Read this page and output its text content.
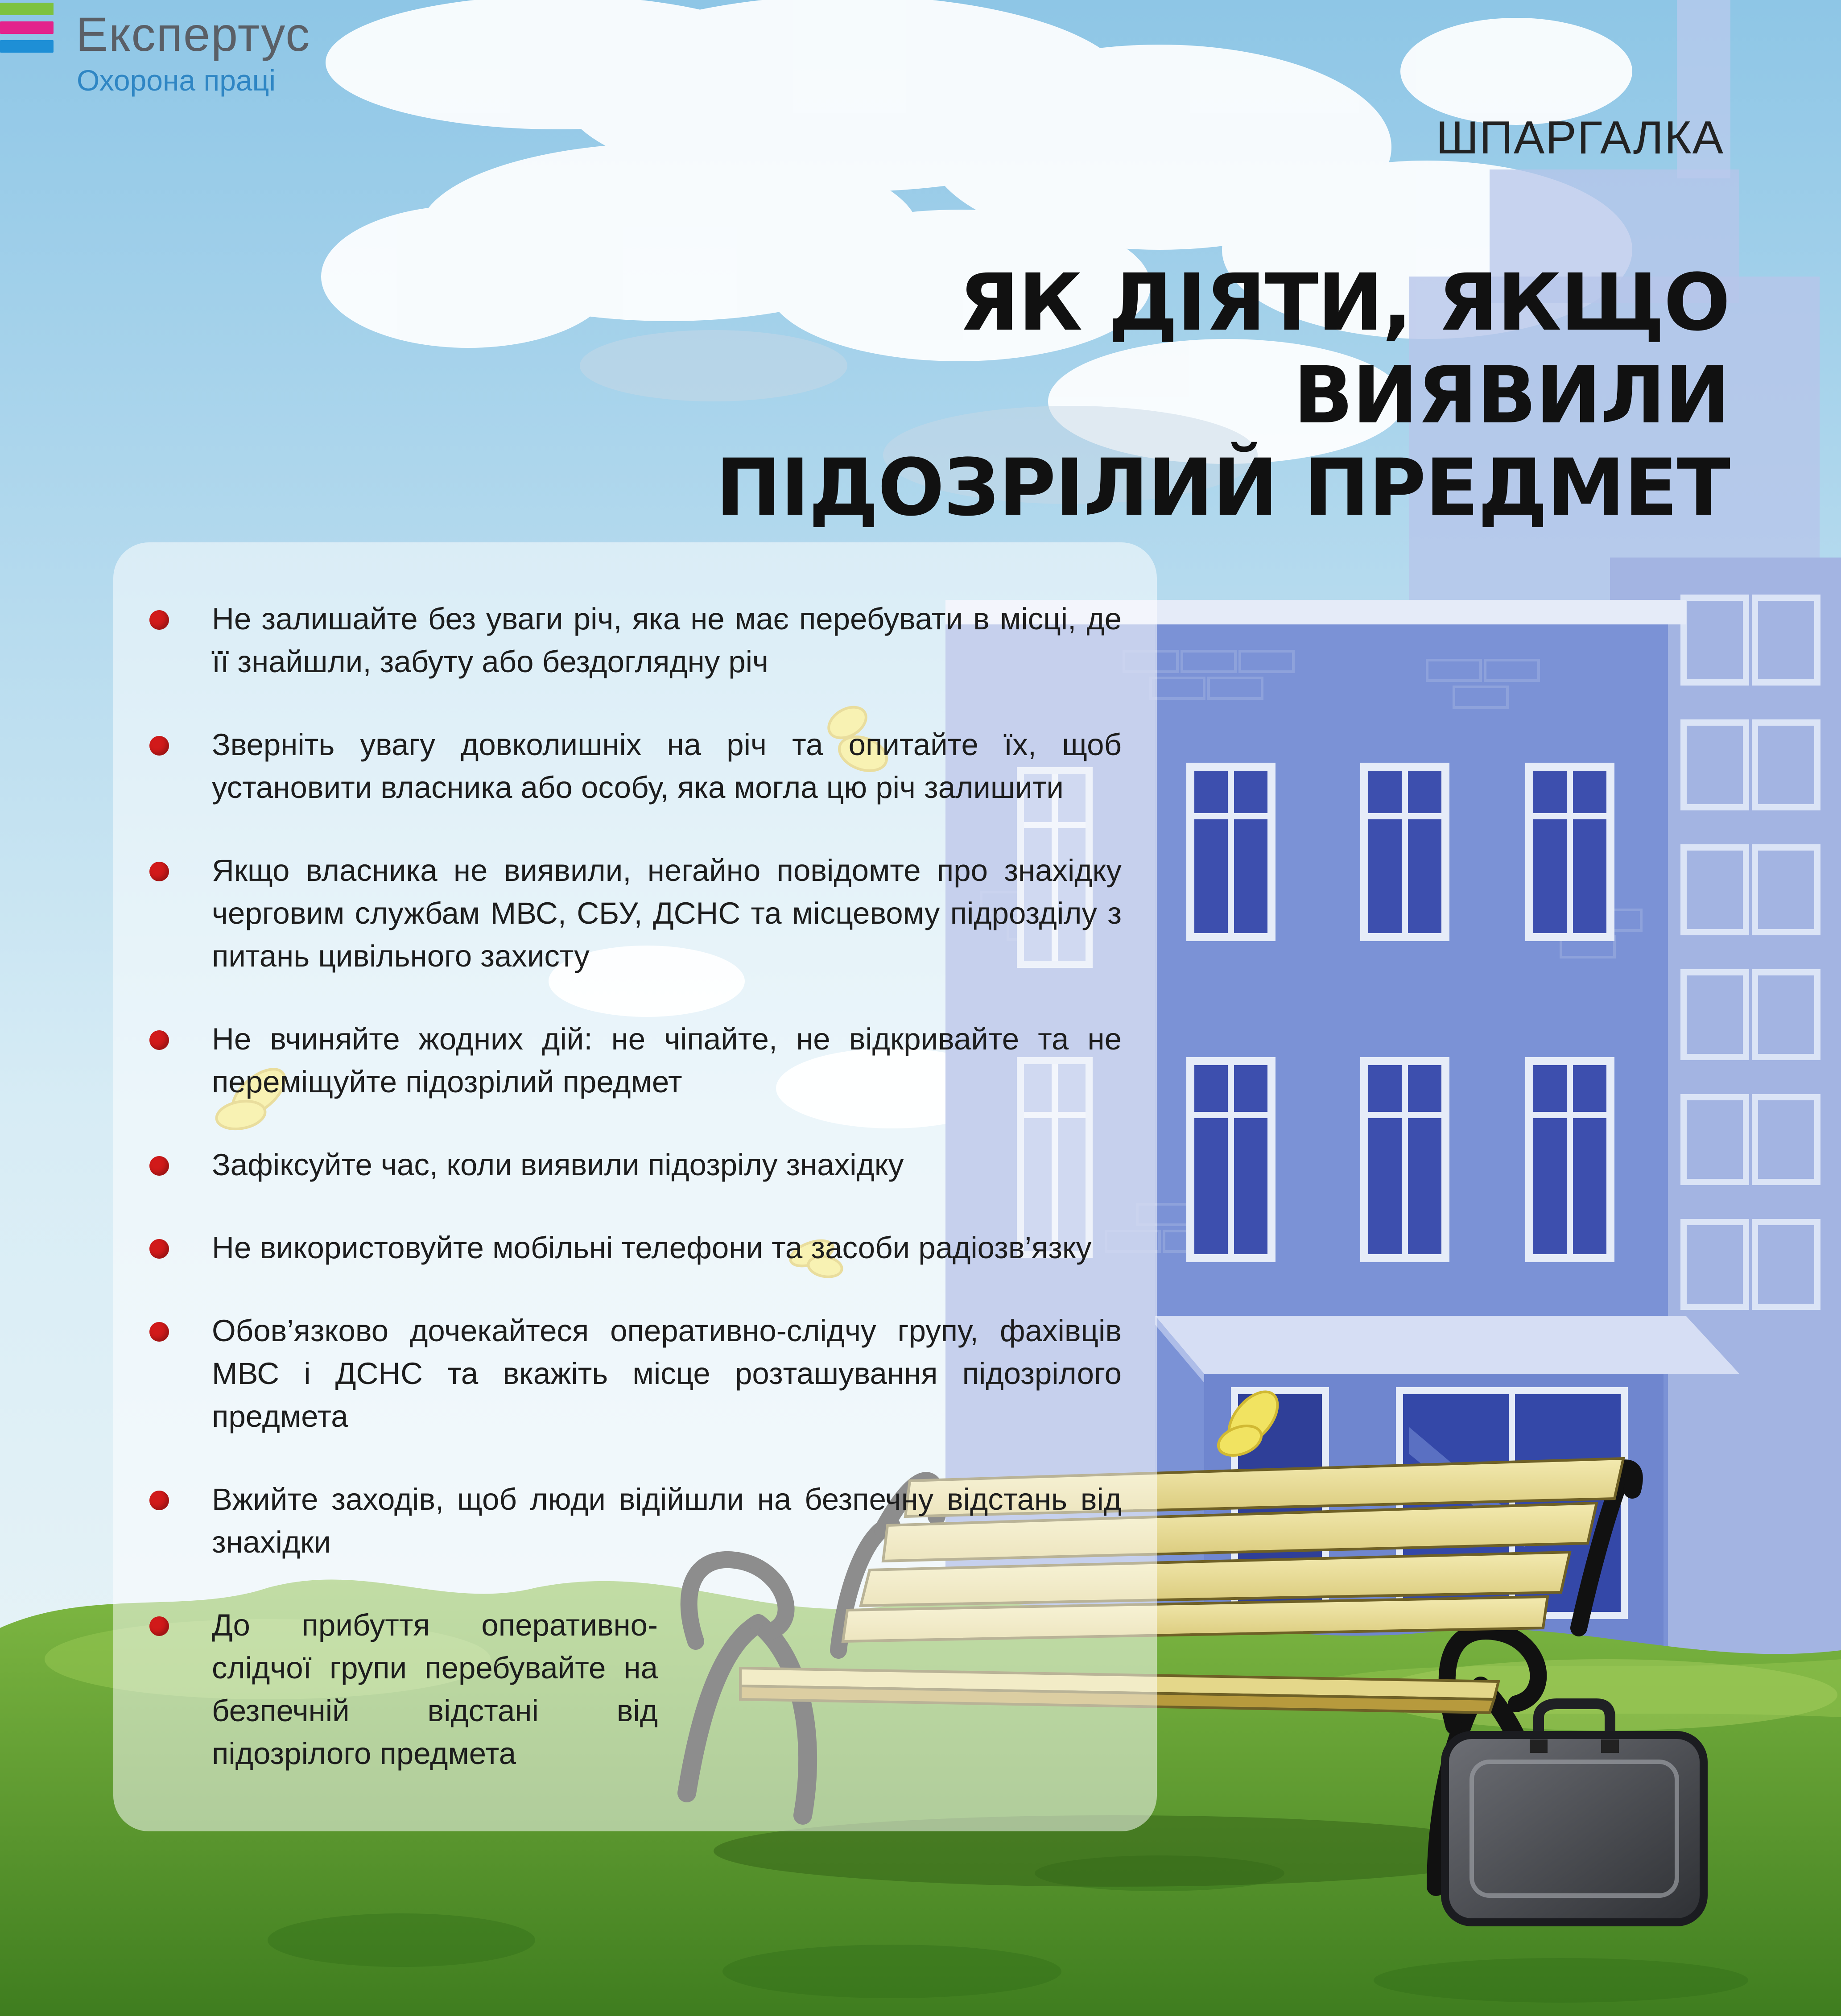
Експертус
Охорона праці
ШПАРГАЛКА
ЯК ДІЯТИ, ЯКЩО ВИЯВИЛИ
ПІДОЗРІЛИЙ ПРЕДМЕТ
Не залишайте без уваги річ, яка не має перебувати в місці, де її знайшли, забуту або бездоглядну річ
Зверніть увагу довколишніх на річ та опитайте їх, щоб установити власника або особу, яка могла цю річ залишити
Якщо власника не виявили, негайно повідомте про знахідку черговим службам МВС, СБУ, ДСНС та місцевому підрозділу з питань цивільного захисту
Не вчиняйте жодних дій: не чіпайте, не відкривайте та не переміщуйте підозрілий предмет
Зафіксуйте час, коли виявили підозрілу знахідку
Не використовуйте мобільні телефони та засоби радіозв’язку
Обов’язково дочекайтеся оперативно-слідчу групу, фахівців МВС і ДСНС та вкажіть місце розташування підозрілого предмета
Вжийте заходів, щоб люди відійшли на безпечну відстань від знахідки
До прибуття оперативно-слідчої групи перебувайте на безпечній відстані від підозрілого предмета
